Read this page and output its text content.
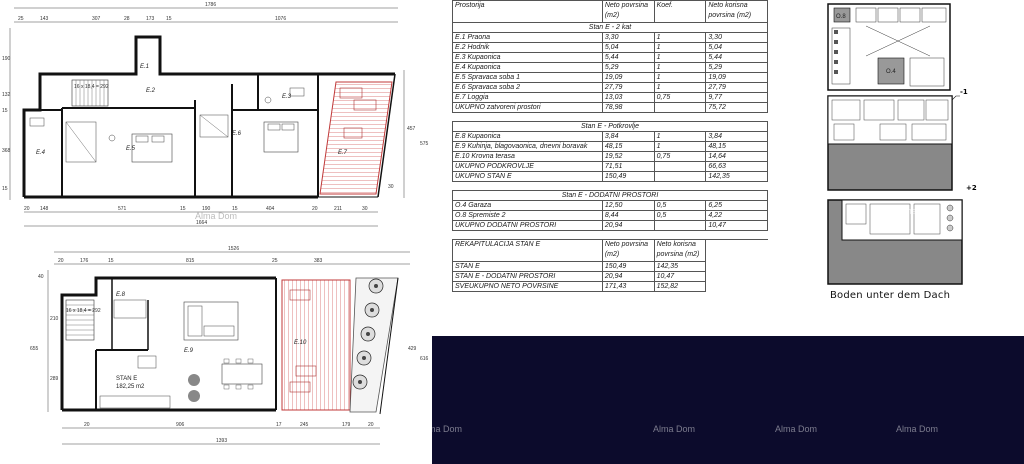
1786
25	143	307	28	173 15	1076
190
132
15
368
15
457
575
30
E.7
16 x 18,4 = 292
E.1
E.2
E.3
E.4
E.5
E.6
20 148	571	15	190	15	404	20	211	30
1664
1526
20	176	15	815	25	383
40
210
289
655	429
616
E.10
16 x 18,4 = 292
E.8
E.9
STAN E
182,25 m2
20	906	17	245	179	20
1393
Prostorija	Neto povrsina (m2)	Koef.	Neto korisna povrsina (m2)
Stan E - 2 kat			
E.1 Praona	3,30	1	3,30
E.2 Hodnik	5,04	1	5,04
E.3 Kupaonica	5,44	1	5,44
E.4 Kupaonica	5,29	1	5,29
E.5 Spravaca soba 1	19,09	1	19,09
E.6 Spravaca soba 2	27,79	1	27,79
E.7 Loggia	13,03	0,75	9,77
UKUPNO zatvoreni prostori	78,98		75,72

Stan E - Potkrovlje			
E.8 Kupaonica	3,84	1	3,84
E.9 Kuhinja, blagovaonica, dnevni boravak	48,15	1	48,15
E.10 Krovna terasa	19,52	0,75	14,64
UKUPNO PODKROVLJE	71,51		66,63
UKUPNO STAN E	150,49		142,35

Stan E - DODATNI PROSTORI			
O.4 Garaza	12,50	0,5	6,25
O.8 Spremiste 2	8,44	0,5	4,22
UKUPNO DODATNI PROSTORI	20,94		10,47

REKAPITULACIJA STAN E	Neto povrsina (m2)	Neto korisna povrsina (m2)	
STAN E	150,49	142,35	
STAN E - DODATNI PROSTORI	20,94	10,47	
SVEUKUPNO NETO POVRSINE	171,43	152,82	
O.8
O.4
-1
+2
Boden unter dem Dach
Alma Dom
Alma Dom	Alma Dom	Alma Dom	Alma Dom
Alma Dom
